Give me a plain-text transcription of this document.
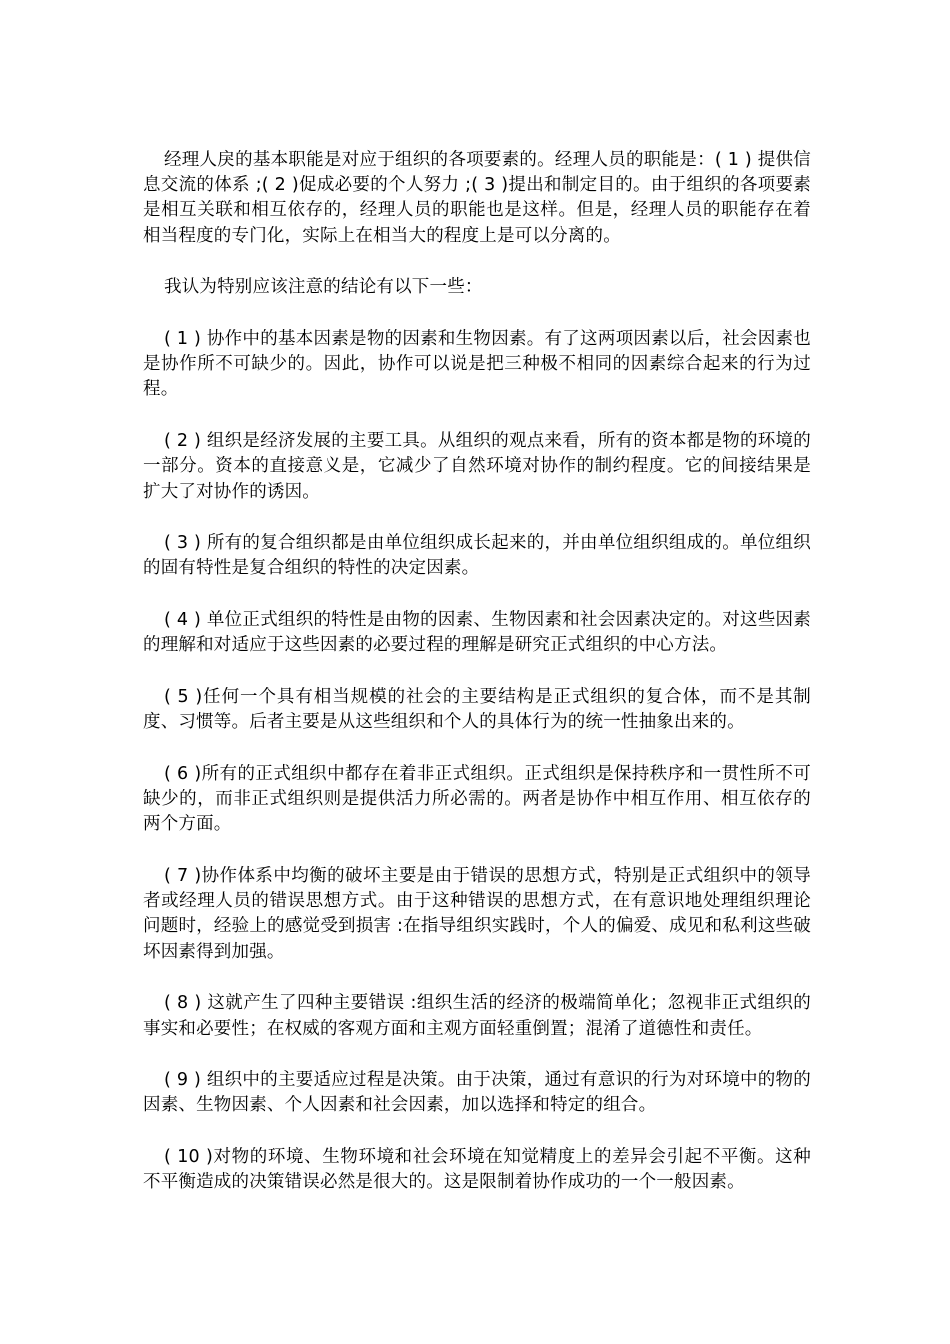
经理人戾的基本职能是对应于组织的各项要素的。经理人员的职能是：( 1 ) 提供信息交流的体系 ;( 2 )促成必要的个人努力 ;( 3 )提出和制定目的。由于组织的各项要素是相互关联和相互依存的，经理人员的职能也是这样。但是，经理人员的职能存在着相当程度的专门化，实际上在相当大的程度上是可以分离的。

我认为特别应该注意的结论有以下一些：

( 1 ) 协作中的基本因素是物的因素和生物因素。有了这两项因素以后，社会因素也是协作所不可缺少的。因此，协作可以说是把三种极不相同的因素综合起来的行为过程。

( 2 ) 组织是经济发展的主要工具。从组织的观点来看，所有的资本都是物的环境的一部分。资本的直接意义是，它减少了自然环境对协作的制约程度。它的间接结果是扩大了对协作的诱因。

( 3 ) 所有的复合组织都是由单位组织成长起来的，并由单位组织组成的。单位组织的固有特性是复合组织的特性的决定因素。

( 4 ) 单位正式组织的特性是由物的因素、生物因素和社会因素决定的。对这些因素的理解和对适应于这些因素的必要过程的理解是研究正式组织的中心方法。

( 5 )任何一个具有相当规模的社会的主要结构是正式组织的复合体，而不是其制度、习惯等。后者主要是从这些组织和个人的具体行为的统一性抽象出来的。

( 6 )所有的正式组织中都存在着非正式组织。正式组织是保持秩序和一贯性所不可缺少的，而非正式组织则是提供活力所必需的。两者是协作中相互作用、相互依存的两个方面。

( 7 )协作体系中均衡的破坏主要是由于错误的思想方式，特别是正式组织中的领导者或经理人员的错误思想方式。由于这种错误的思想方式，在有意识地处理组织理论问题时，经验上的感觉受到损害 :在指导组织实践时，个人的偏爱、成见和私利这些破坏因素得到加强。

( 8 ) 这就产生了四种主要错误 :组织生活的经济的极端简单化；忽视非正式组织的事实和必要性；在权威的客观方面和主观方面轻重倒置；混淆了道德性和责任。

( 9 ) 组织中的主要适应过程是决策。由于决策，通过有意识的行为对环境中的物的因素、生物因素、个人因素和社会因素，加以选择和特定的组合。

( 10 )对物的环境、生物环境和社会环境在知觉精度上的差异会引起不平衡。这种不平衡造成的决策错误必然是很大的。这是限制着协作成功的一个一般因素。
